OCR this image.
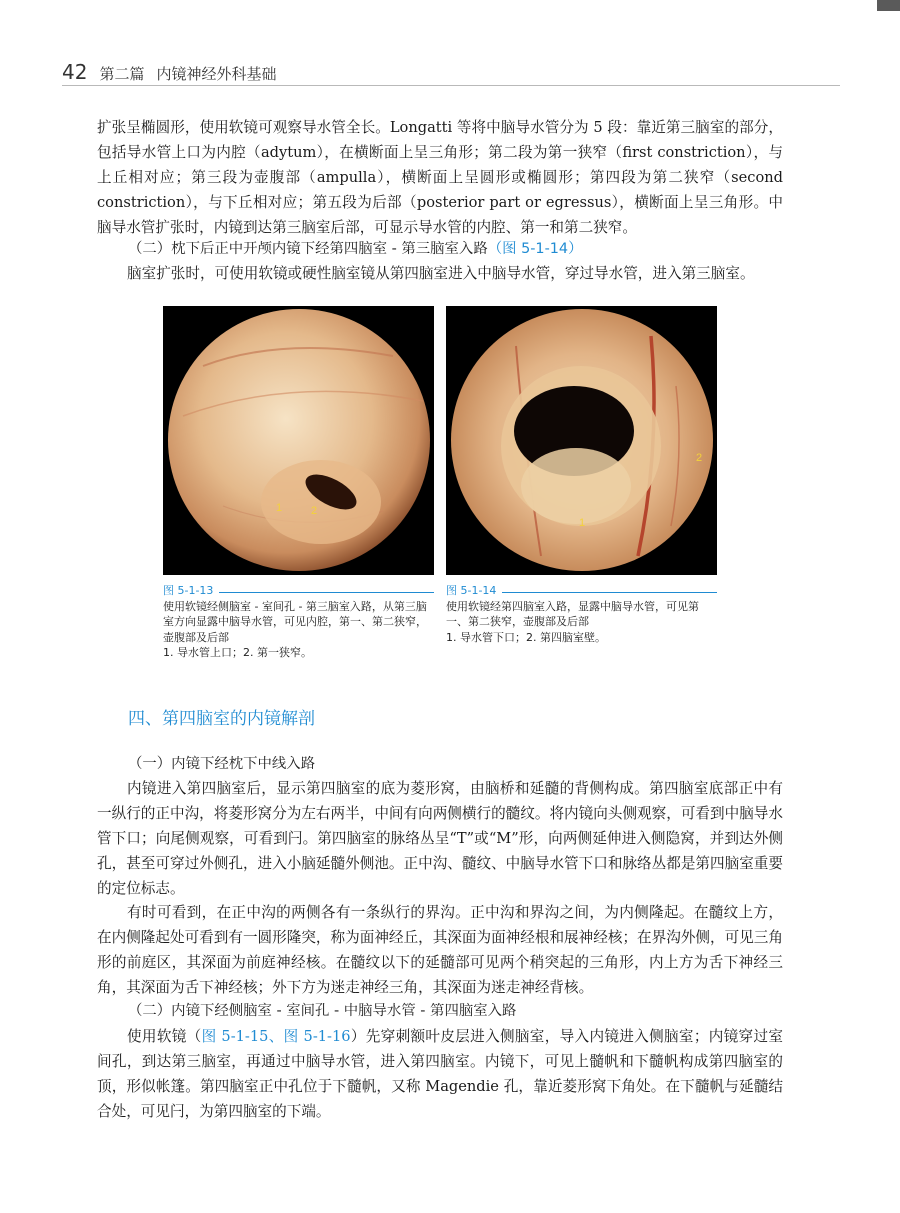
42 第二篇 内镜神经外科基础
扩张呈椭圆形，使用软镜可观察导水管全长。Longatti 等将中脑导水管分为 5 段：靠近第三脑室的部分，包括导水管上口为内腔（adytum），在横断面上呈三角形；第二段为第一狭窄（first constriction），与上丘相对应；第三段为壶腹部（ampulla），横断面上呈圆形或椭圆形；第四段为第二狭窄（second constriction），与下丘相对应；第五段为后部（posterior part or egressus），横断面上呈三角形。中脑导水管扩张时，内镜到达第三脑室后部，可显示导水管的内腔、第一和第二狭窄。
（二）枕下后正中开颅内镜下经第四脑室 - 第三脑室入路（图 5-1-14）
脑室扩张时，可使用软镜或硬性脑室镜从第四脑室进入中脑导水管，穿过导水管，进入第三脑室。
1	2
1
2
图 5-1-13
使用软镜经侧脑室 - 室间孔 - 第三脑室入路，从第三脑室方向显露中脑导水管，可见内腔，第一、第二狭窄，壶腹部及后部
1. 导水管上口；2. 第一狭窄。
图 5-1-14
使用软镜经第四脑室入路，显露中脑导水管，可见第一、第二狭窄，壶腹部及后部
1. 导水管下口；2. 第四脑室壁。
四、第四脑室的内镜解剖
（一）内镜下经枕下中线入路
内镜进入第四脑室后，显示第四脑室的底为菱形窝，由脑桥和延髓的背侧构成。第四脑室底部正中有一纵行的正中沟，将菱形窝分为左右两半，中间有向两侧横行的髓纹。将内镜向头侧观察，可看到中脑导水管下口；向尾侧观察，可看到闩。第四脑室的脉络丛呈“T”或“M”形，向两侧延伸进入侧隐窝，并到达外侧孔，甚至可穿过外侧孔，进入小脑延髓外侧池。正中沟、髓纹、中脑导水管下口和脉络丛都是第四脑室重要的定位标志。
有时可看到，在正中沟的两侧各有一条纵行的界沟。正中沟和界沟之间，为内侧隆起。在髓纹上方，在内侧隆起处可看到有一圆形隆突，称为面神经丘，其深面为面神经根和展神经核；在界沟外侧，可见三角形的前庭区，其深面为前庭神经核。在髓纹以下的延髓部可见两个稍突起的三角形，内上方为舌下神经三角，其深面为舌下神经核；外下方为迷走神经三角，其深面为迷走神经背核。
（二）内镜下经侧脑室 - 室间孔 - 中脑导水管 - 第四脑室入路
使用软镜（图 5-1-15、图 5-1-16）先穿刺额叶皮层进入侧脑室，导入内镜进入侧脑室；内镜穿过室间孔，到达第三脑室，再通过中脑导水管，进入第四脑室。内镜下，可见上髓帆和下髓帆构成第四脑室的顶，形似帐篷。第四脑室正中孔位于下髓帆，又称 Magendie 孔，靠近菱形窝下角处。在下髓帆与延髓结合处，可见闩，为第四脑室的下端。
